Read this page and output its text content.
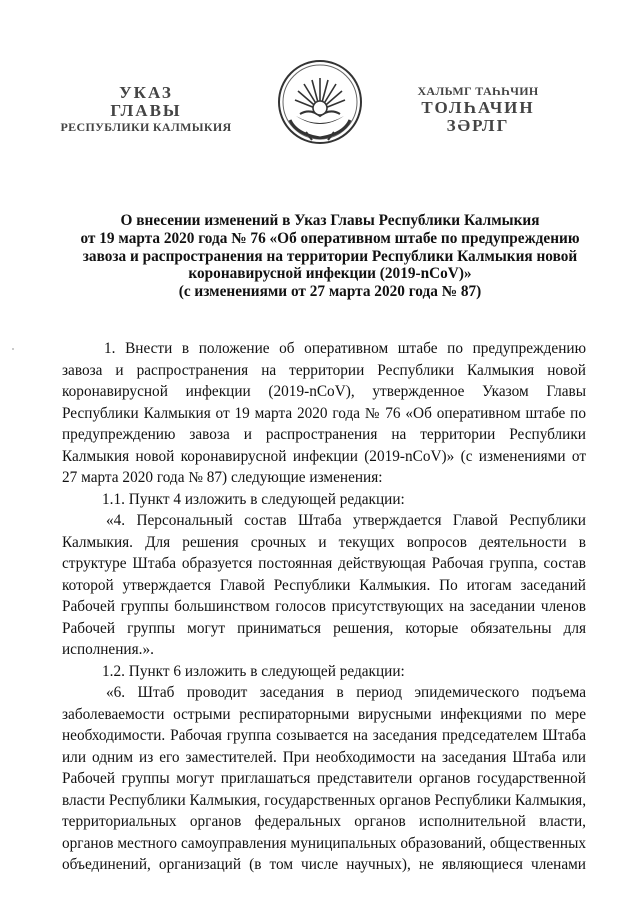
УКАЗ
ГЛАВЫ
РЕСПУБЛИКИ КАЛМЫКИЯ
ХАЛЬМГ ТАҺҺЧИН
ТОЛҺАЧИН
ЗӘРЛГ
О внесении изменений в Указ Главы Республики Калмыкия
от 19 марта 2020 года № 76 «Об оперативном штабе по предупреждению
завоза и распространения на территории Республики Калмыкия новой
коронавирусной инфекции (2019-nCoV)»
(с изменениями от 27 марта 2020 года № 87)
1. Внести в положение об оперативном штабе по предупреждению
завоза и распространения на территории Республики Калмыкия новой
коронавирусной инфекции (2019-nCoV), утвержденное Указом Главы
Республики Калмыкия от 19 марта 2020 года № 76 «Об оперативном штабе по
предупреждению завоза и распространения на территории Республики
Калмыкия новой коронавирусной инфекции (2019-nCoV)» (с изменениями от
27 марта 2020 года № 87) следующие изменения:
1.1. Пункт 4 изложить в следующей редакции:
«4. Персональный состав Штаба утверждается Главой Республики
Калмыкия. Для решения срочных и текущих вопросов деятельности в
структуре Штаба образуется постоянная действующая Рабочая группа, состав
которой утверждается Главой Республики Калмыкия. По итогам заседаний
Рабочей группы большинством голосов присутствующих на заседании членов
Рабочей группы могут приниматься решения, которые обязательны для
исполнения.».
1.2. Пункт 6 изложить в следующей редакции:
«6. Штаб проводит заседания в период эпидемического подъема
заболеваемости острыми респираторными вирусными инфекциями по мере
необходимости. Рабочая группа созывается на заседания председателем Штаба
или одним из его заместителей. При необходимости на заседания Штаба или
Рабочей группы могут приглашаться представители органов государственной
власти Республики Калмыкия, государственных органов Республики Калмыкия,
территориальных органов федеральных органов исполнительной власти,
органов местного самоуправления муниципальных образований, общественных
объединений, организаций (в том числе научных), не являющиеся членами
